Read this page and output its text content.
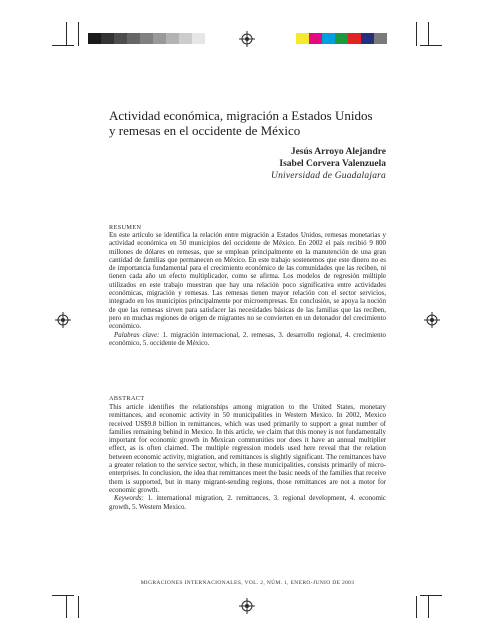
Actividad económica, migración a Estados Unidos
y remesas en el occidente de México
Jesús Arroyo Alejandre
Isabel Corvera Valenzuela
Universidad de Guadalajara
RESUMEN

En este artículo se identifica la relación entre migración a Estados Unidos, remesas monetarias y actividad económica en 50 municipios del occidente de México. En 2002 el país recibió 9 800 millones de dólares en remesas, que se emplean principalmente en la manutención de una gran cantidad de familias que permanecen en México. En este trabajo sostenemos que este dinero no es de importancia fundamental para el crecimiento económico de las comunidades que las reciben, ni tienen cada año un efecto multiplicador, como se afirma. Los modelos de regresión múltiple utilizados en este trabajo muestran que hay una relación poco significativa entre actividades económicas, migración y remesas. Las remesas tienen mayor relación con el sector servicios, integrado en los municipios principalmente por microempresas. En conclusión, se apoya la noción de que las remesas sirven para satisfacer las necesidades básicas de las familias que las reciben, pero en muchas regiones de origen de migrantes no se convierten en un detonador del crecimiento económico.

Palabras clave: 1. migración internacional, 2. remesas, 3. desarrollo regional, 4. crecimiento económico, 5. occidente de México.

ABSTRACT

This article identifies the relationships among migration to the United States, monetary remittances, and economic activity in 50 municipalities in Western Mexico. In 2002, Mexico received US$9.8 billion in remittances, which was used primarily to support a great number of families remaining behind in Mexico. In this article, we claim that this money is not fundamentally important for economic growth in Mexican communities nor does it have an annual multiplier effect, as is often claimed. The multiple regression models used here reveal that the relation between economic activity, migration, and remittances is slightly significant. The remittances have a greater relation to the service sector, which, in these municipalities, consists primarily of micro-enterprises. In conclusion, the idea that remittances meet the basic needs of the families that receive them is supported, but in many migrant-sending regions, those remittances are not a motor for economic growth.

Keywords: 1. international migration, 2. remittances, 3. regional development, 4. economic growth, 5. Western Mexico.

MIGRACIONES INTERNACIONALES, VOL. 2, NÚM. 1, ENERO-JUNIO DE 2003
